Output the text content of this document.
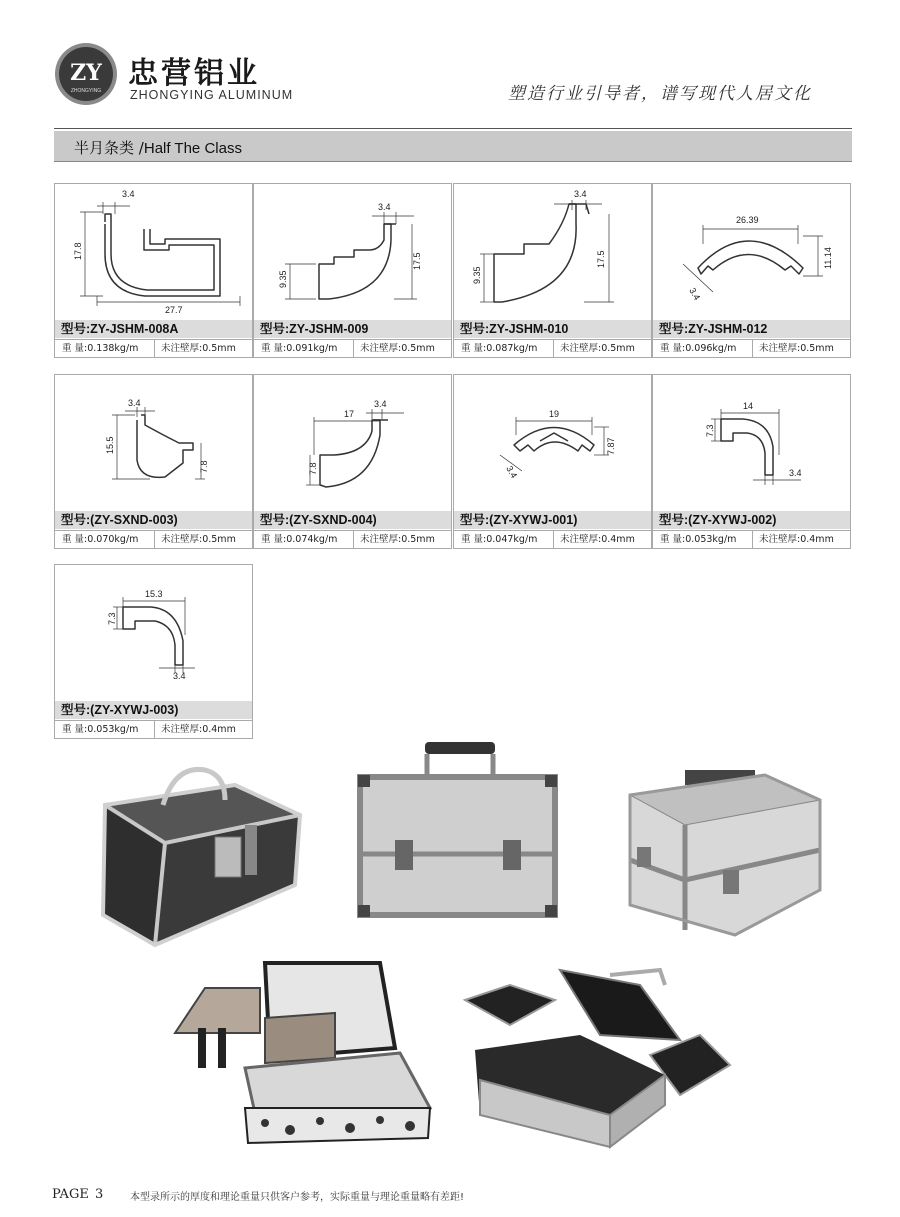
ZY
ZHONGYING 忠营铝业
ZHONGYING ALUMINUM	塑造行业引导者，谱写现代人居文化
半月条类 /Half The Class
3.4
17.8
27.7
型号:ZY-JSHM-008A
重 量:0.138kg/m 未注壁厚:0.5mm
3.4
9.35
17.5
型号:ZY-JSHM-009
重 量:0.091kg/m 未注壁厚:0.5mm
3.4
9.35
17.5
型号:ZY-JSHM-010
重 量:0.087kg/m 未注壁厚:0.5mm
26.39
11.14
3.4
型号:ZY-JSHM-012
重 量:0.096kg/m 未注壁厚:0.5mm
3.4
15.5
7.8
型号:(ZY-SXND-003)
重 量:0.070kg/m 未注壁厚:0.5mm
17
3.4
7.8
型号:(ZY-SXND-004)
重 量:0.074kg/m 未注壁厚:0.5mm
19
7.87
3.4
型号:(ZY-XYWJ-001)
重 量:0.047kg/m 未注壁厚:0.4mm
14
7.3
3.4
型号:(ZY-XYWJ-002)
重 量:0.053kg/m 未注壁厚:0.4mm
15.3
7.3
3.4
型号:(ZY-XYWJ-003)
重 量:0.053kg/m 未注壁厚:0.4mm
PAGE 3	本型录所示的厚度和理论重量只供客户参考，实际重量与理论重量略有差距!
